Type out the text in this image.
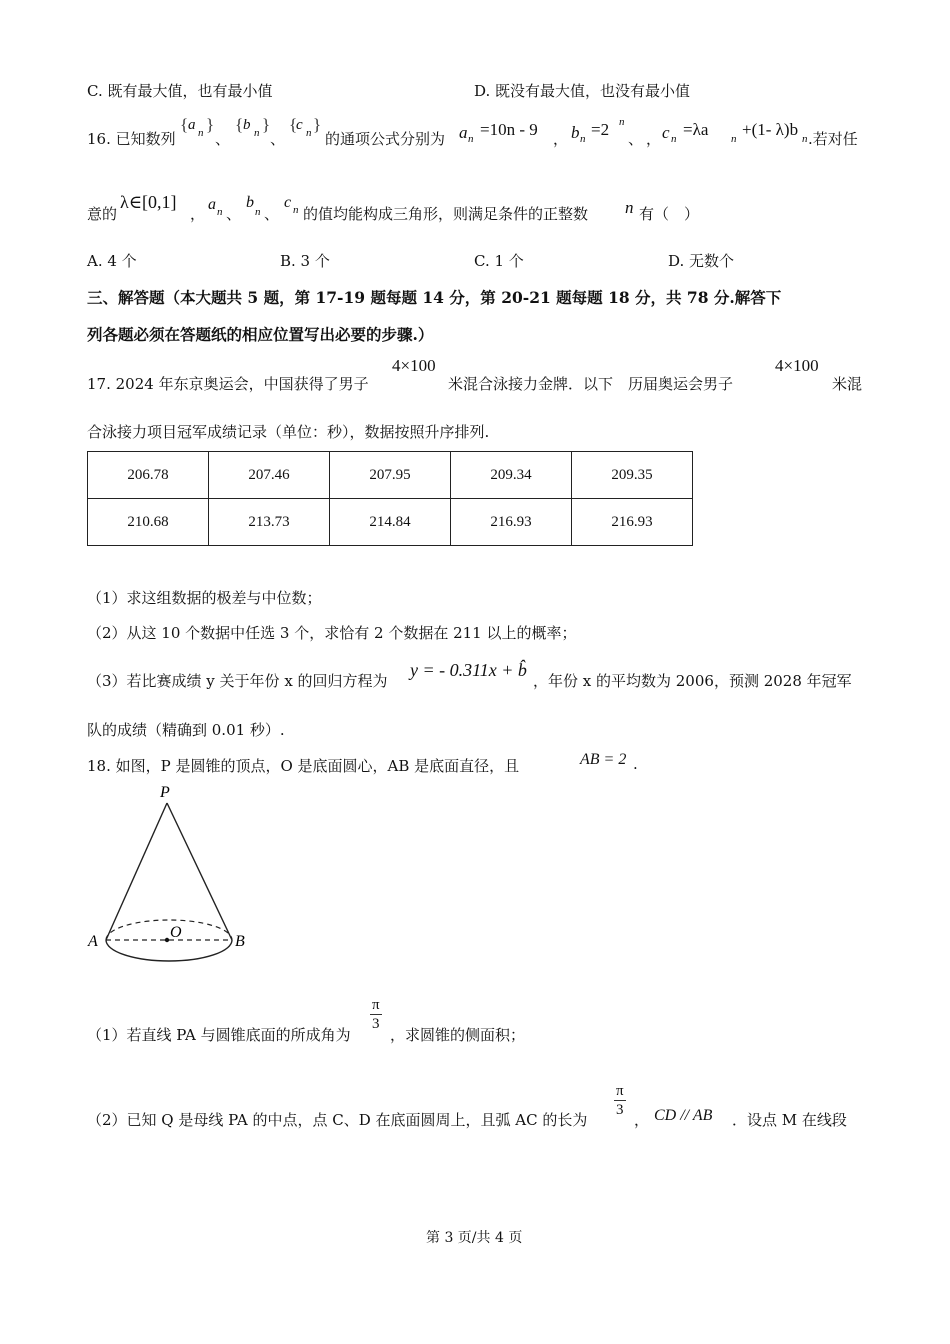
C. 既有最大值，也有最小值	D. 既没有最大值，也没有最小值
16. 已知数列
{ a n }
、
{ b n }
、
{
c n }
的通项公式分别为 a n =10n - 9 ， b n =2 n
、 ， c n =λa n +(1- λ)b n .若对任
意的
λ∈[0,1]
，
a n 、
b
n 、
c n 的值均能构成三角形，则满足条件的正整数 n 有（　）
A. 4 个	B. 3 个	C. 1 个	D. 无数个
三、解答题（本大题共 5 题，第 17-19 题每题 14 分，第 20-21 题每题 18 分，共 78 分.解答下
列各题必须在答题纸的相应位置写出必要的步骤.）
17. 2024 年东京奥运会，中国获得了男子
4×100
米混合泳接力金牌．以下　历届奥运会男子
4×100
米混
合泳接力项目冠军成绩记录（单位：秒），数据按照升序排列.
206.78	207.46	207.95	209.34	209.35
210.68	213.73	214.84	216.93	216.93
（1）求这组数据的极差与中位数；
（2）从这 10 个数据中任选 3 个，求恰有 2 个数据在 211 以上的概率；
（3）若比赛成绩 y 关于年份 x 的回归方程为
y = - 0.311x + b̂
，年份 x 的平均数为 2006，预测 2028 年冠军
队的成绩（精确到 0.01 秒）.
18. 如图，P 是圆锥的顶点，O 是底面圆心，AB 是底面直径，且	AB = 2 .
P
O
A	B
（1）若直线 PA 与圆锥底面的所成角为
$\frac{\pi}{3}$
，求圆锥的侧面积；
（2）已知 Q 是母线 PA 的中点，点 C、D 在底面圆周上，且弧 AC 的长为
$\frac{\pi}{3}$
， CD // AB ．设点 M 在线段
第 3 页/共 4 页
